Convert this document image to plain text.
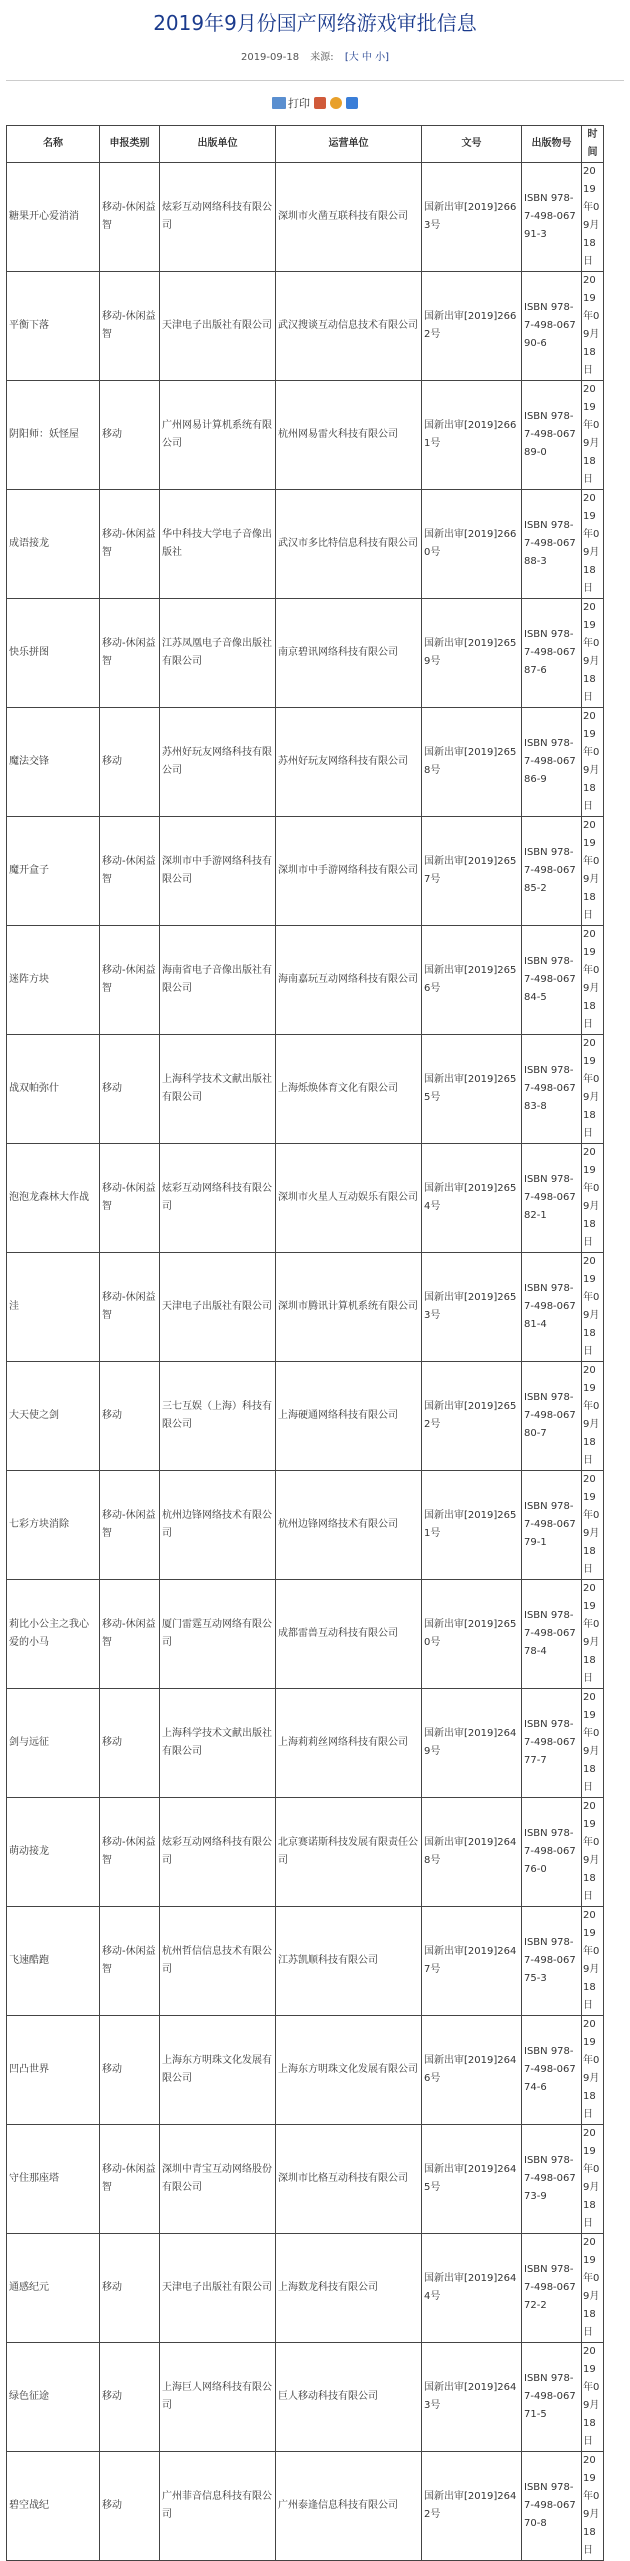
2019年9月份国产网络游戏审批信息
2019-09-18 来源: [大 中 小]
打印
名称	申报类别	出版单位	运营单位	文号	出版物号	时间
糖果开心爱消消	移动-休闲益智	炫彩互动网络科技有限公司	深圳市火凿互联科技有限公司	国新出审[2019]2663号	ISBN 978-7-498-06791-3	2019年09月18日
平衡下落	移动-休闲益智	天津电子出版社有限公司	武汉搜谈互动信息技术有限公司	国新出审[2019]2662号	ISBN 978-7-498-06790-6	2019年09月18日
阴阳师：妖怪屋	移动	广州网易计算机系统有限公司	杭州网易雷火科技有限公司	国新出审[2019]2661号	ISBN 978-7-498-06789-0	2019年09月18日
成语接龙	移动-休闲益智	华中科技大学电子音像出版社	武汉市多比特信息科技有限公司	国新出审[2019]2660号	ISBN 978-7-498-06788-3	2019年09月18日
快乐拼图	移动-休闲益智	江苏凤凰电子音像出版社有限公司	南京碧讯网络科技有限公司	国新出审[2019]2659号	ISBN 978-7-498-06787-6	2019年09月18日
魔法交锋	移动	苏州好玩友网络科技有限公司	苏州好玩友网络科技有限公司	国新出审[2019]2658号	ISBN 978-7-498-06786-9	2019年09月18日
魔开盒子	移动-休闲益智	深圳市中手游网络科技有限公司	深圳市中手游网络科技有限公司	国新出审[2019]2657号	ISBN 978-7-498-06785-2	2019年09月18日
迷阵方块	移动-休闲益智	海南省电子音像出版社有限公司	海南嘉玩互动网络科技有限公司	国新出审[2019]2656号	ISBN 978-7-498-06784-5	2019年09月18日
战双帕弥什	移动	上海科学技术文献出版社有限公司	上海烁焕体育文化有限公司	国新出审[2019]2655号	ISBN 978-7-498-06783-8	2019年09月18日
泡泡龙森林大作战	移动-休闲益智	炫彩互动网络科技有限公司	深圳市火星人互动娱乐有限公司	国新出审[2019]2654号	ISBN 978-7-498-06782-1	2019年09月18日
洼	移动-休闲益智	天津电子出版社有限公司	深圳市腾讯计算机系统有限公司	国新出审[2019]2653号	ISBN 978-7-498-06781-4	2019年09月18日
大天使之剑	移动	三七互娱（上海）科技有限公司	上海硬通网络科技有限公司	国新出审[2019]2652号	ISBN 978-7-498-06780-7	2019年09月18日
七彩方块消除	移动-休闲益智	杭州边锋网络技术有限公司	杭州边锋网络技术有限公司	国新出审[2019]2651号	ISBN 978-7-498-06779-1	2019年09月18日
莉比小公主之我心爱的小马	移动-休闲益智	厦门雷霆互动网络有限公司	成都雷兽互动科技有限公司	国新出审[2019]2650号	ISBN 978-7-498-06778-4	2019年09月18日
剑与远征	移动	上海科学技术文献出版社有限公司	上海莉莉丝网络科技有限公司	国新出审[2019]2649号	ISBN 978-7-498-06777-7	2019年09月18日
萌动接龙	移动-休闲益智	炫彩互动网络科技有限公司	北京赛诺斯科技发展有限责任公司	国新出审[2019]2648号	ISBN 978-7-498-06776-0	2019年09月18日
飞速酷跑	移动-休闲益智	杭州哲信信息技术有限公司	江苏凯顺科技有限公司	国新出审[2019]2647号	ISBN 978-7-498-06775-3	2019年09月18日
凹凸世界	移动	上海东方明珠文化发展有限公司	上海东方明珠文化发展有限公司	国新出审[2019]2646号	ISBN 978-7-498-06774-6	2019年09月18日
守住那座塔	移动-休闲益智	深圳中青宝互动网络股份有限公司	深圳市比格互动科技有限公司	国新出审[2019]2645号	ISBN 978-7-498-06773-9	2019年09月18日
通感纪元	移动	天津电子出版社有限公司	上海数龙科技有限公司	国新出审[2019]2644号	ISBN 978-7-498-06772-2	2019年09月18日
绿色征途	移动	上海巨人网络科技有限公司	巨人移动科技有限公司	国新出审[2019]2643号	ISBN 978-7-498-06771-5	2019年09月18日
碧空战纪	移动	广州菲音信息科技有限公司	广州泰逢信息科技有限公司	国新出审[2019]2642号	ISBN 978-7-498-06770-8	2019年09月18日
